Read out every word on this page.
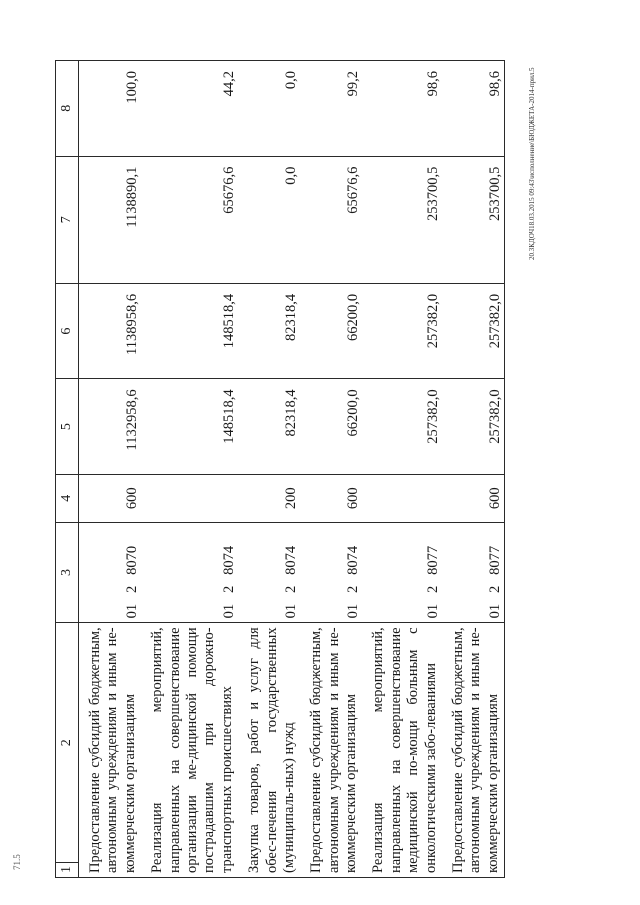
1	2	3	4	5	6	7	8
Предоставление субсидий бюджетным, автономным учреждениям и иным не-коммерческим организациям		01   2   8070	600	1132958,6	1138958,6	1138890,1	100,0
Реализация мероприятий, направленных на совершенствование организации ме-дицинской помощи пострадавшим при дорожно-транспортных происшествиях		01   2   8074		148518,4	148518,4	65676,6	44,2
Закупка товаров, работ и услуг для обес-печения государственных (муниципаль-ных) нужд		01   2   8074	200	82318,4	82318,4	0,0	0,0
Предоставление субсидий бюджетным, автономным учреждениям и иным не-коммерческим организациям		01   2   8074	600	66200,0	66200,0	65676,6	99,2
Реализация мероприятий, направленных на совершенствование медицинской по-мощи больным с онкологическими забо-леваниями		01   2   8077		257382,0	257382,0	253700,5	98,6
Предоставление субсидий бюджетным, автономным учреждениям и иным не-коммерческим организациям		01   2   8077	600	257382,0	257382,0	253700,5	98,6	20.ЗКДОЧ18.03.2015 09:43\исполнение\БЮДЖЕТА-2014-прил.5
71.5
